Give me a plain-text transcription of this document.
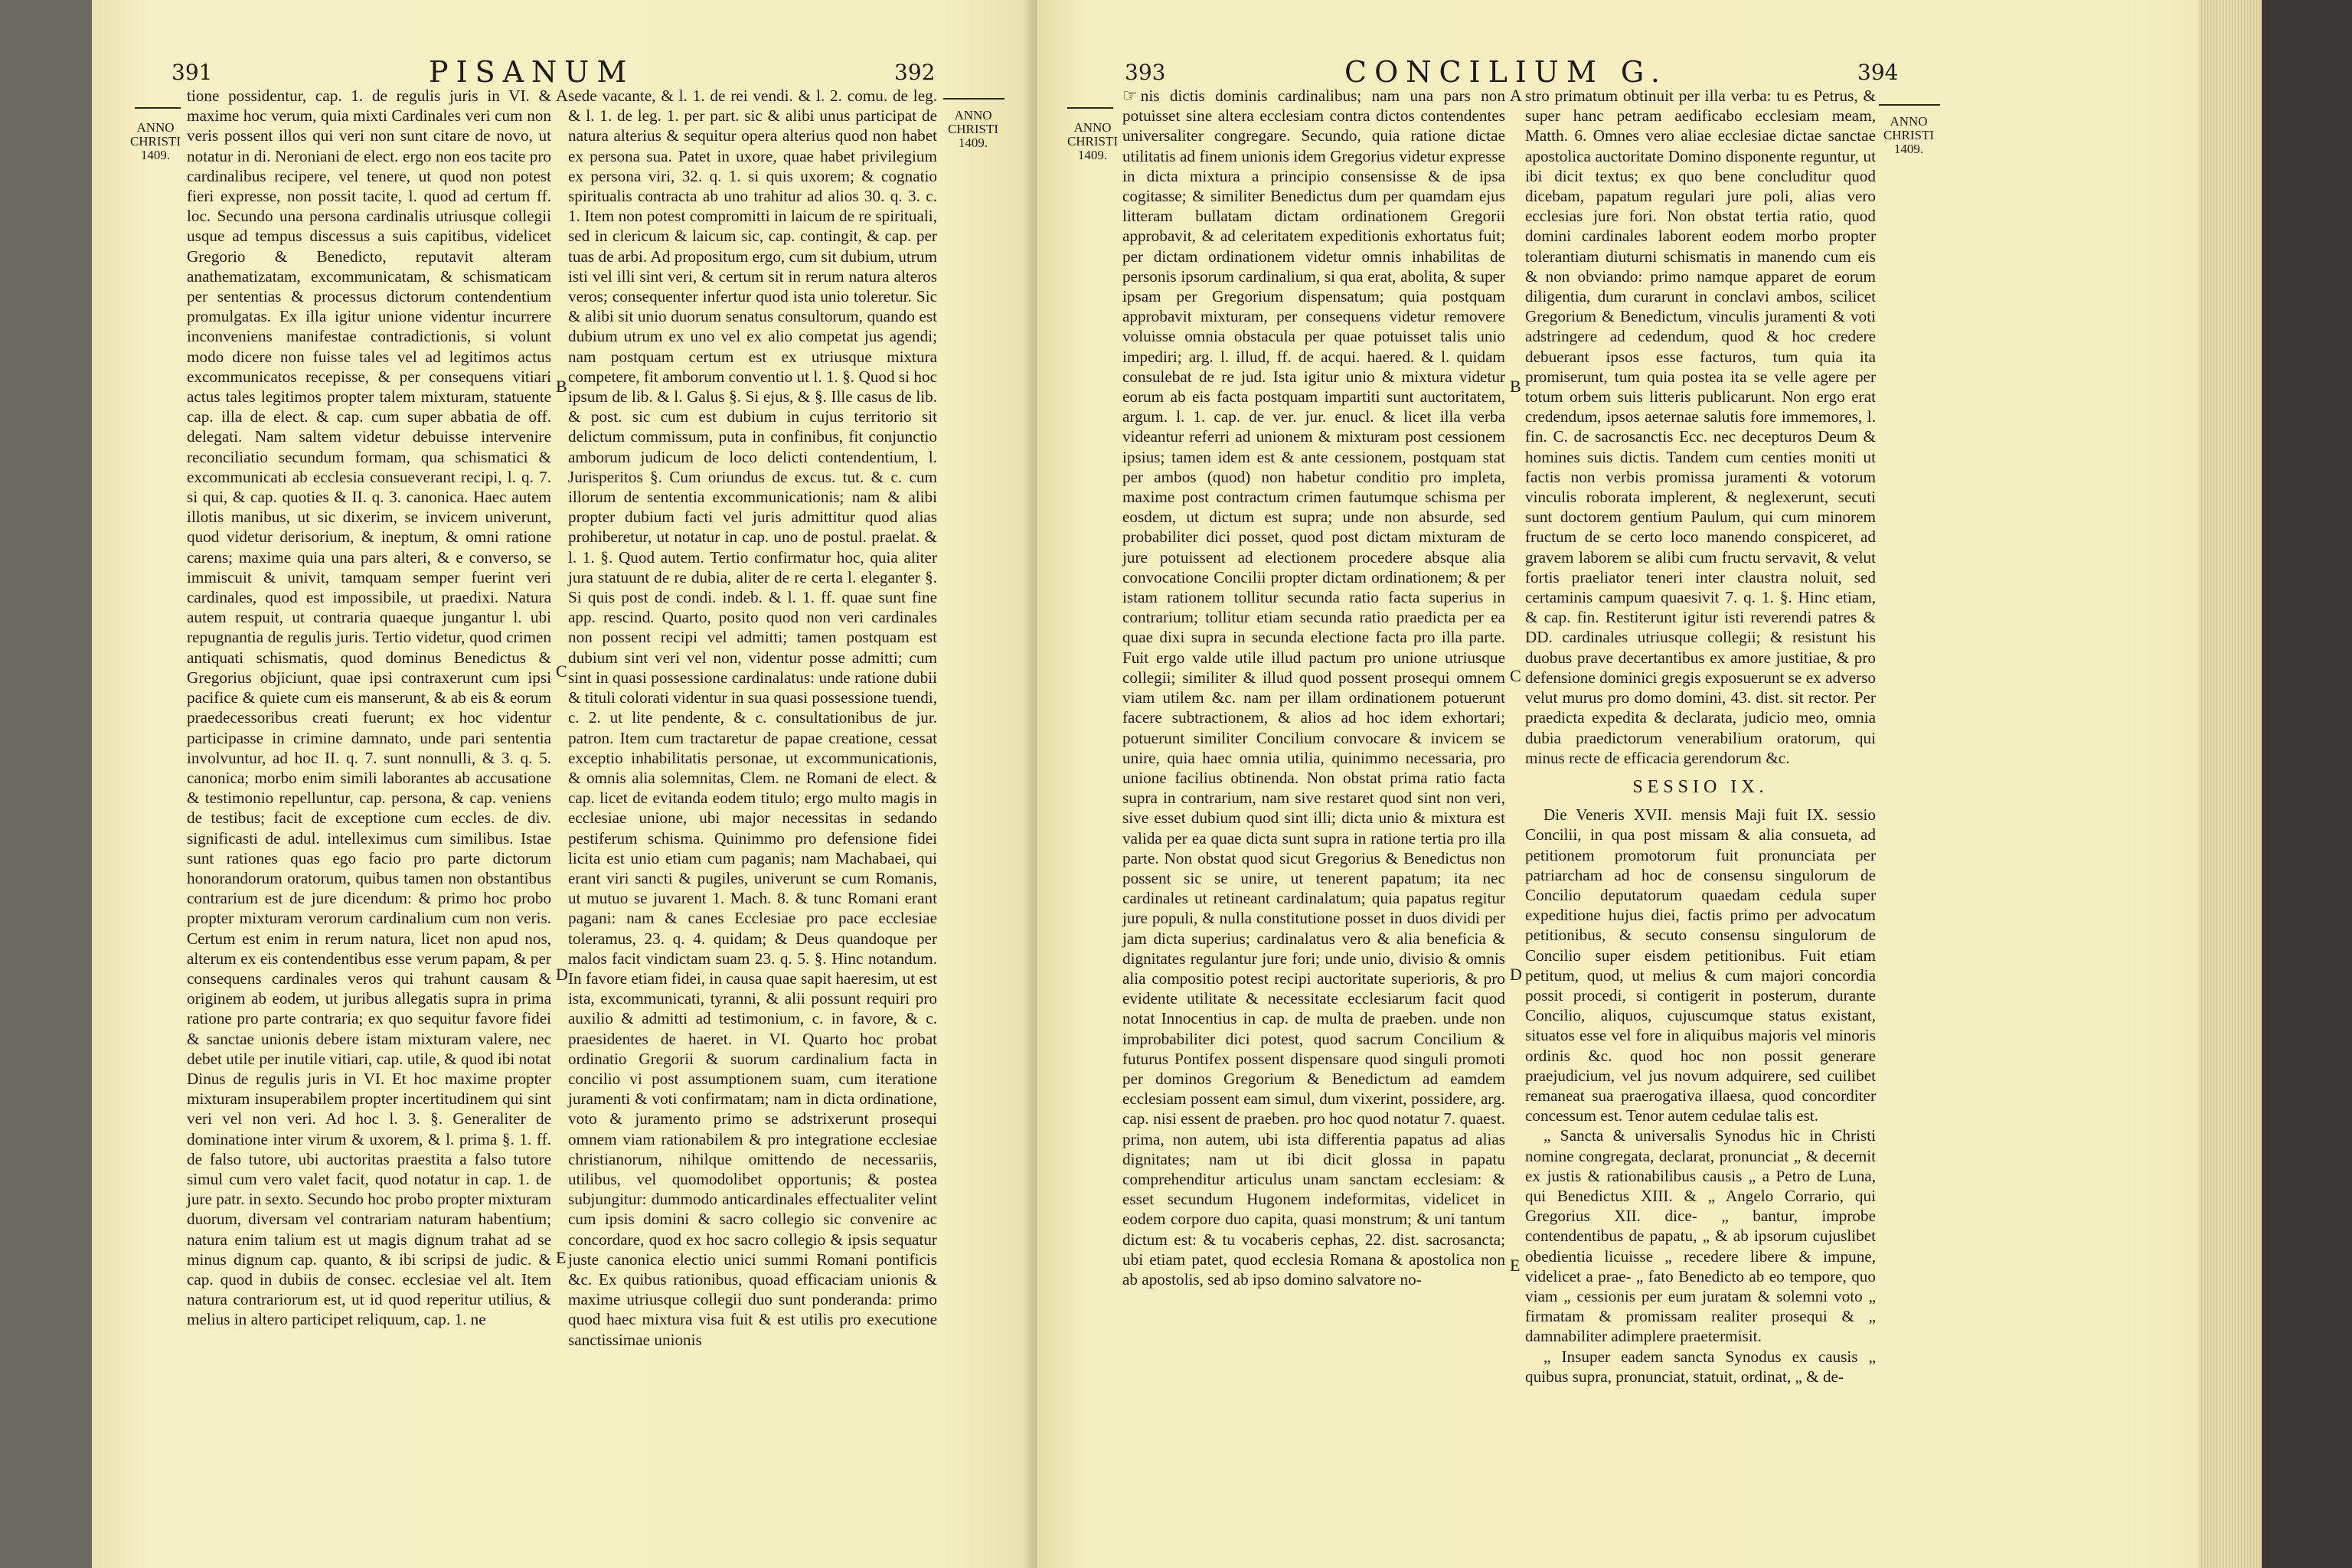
391	PISANUM	392
ANNO
CHRISTI
1409.
ANNO
CHRISTI
1409.

tione possidentur, cap. 1. de regulis juris in VI. & maxime hoc verum, quia mixti Cardinales veri cum non veris possent illos qui veri non sunt citare de novo, ut notatur in di. Neroniani de elect. ergo non eos tacite pro cardinalibus recipere, vel tenere, ut quod non potest fieri expresse, non possit tacite, l. quod ad certum ff. loc. Secundo una persona cardinalis utriusque collegii usque ad tempus discessus a suis capitibus, videlicet Gregorio & Benedicto, reputavit alteram anathematizatam, excommunicatam, & schismaticam per sententias & processus dictorum contendentium promulgatas. Ex illa igitur unione videntur incurrere inconveniens manifestae contradictionis, si volunt modo dicere non fuisse tales vel ad legitimos actus excommunicatos recepisse, & per consequens vitiari actus tales legitimos propter talem mixturam, statuente cap. illa de elect. & cap. cum super abbatia de off. delegati. Nam saltem videtur debuisse intervenire reconciliatio secundum formam, qua schismatici & excommunicati ab ecclesia consueverant recipi, l. q. 7. si qui, & cap. quoties & II. q. 3. canonica. Haec autem illotis manibus, ut sic dixerim, se invicem univerunt, quod videtur derisorium, & ineptum, & omni ratione carens; maxime quia una pars alteri, & e converso, se immiscuit & univit, tamquam semper fuerint veri cardinales, quod est impossibile, ut praedixi. Natura autem respuit, ut contraria quaeque jungantur l. ubi repugnantia de regulis juris. Tertio videtur, quod crimen antiquati schismatis, quod dominus Benedictus & Gregorius objiciunt, quae ipsi contraxerunt cum ipsi pacifice & quiete cum eis manserunt, & ab eis & eorum praedecessoribus creati fuerunt; ex hoc videntur participasse in crimine damnato, unde pari sententia involvuntur, ad hoc II. q. 7. sunt nonnulli, & 3. q. 5. canonica; morbo enim simili laborantes ab accusatione & testimonio repelluntur, cap. persona, & cap. veniens de testibus; facit de exceptione cum eccles. de div. significasti de adul. intelleximus cum similibus. Istae sunt rationes quas ego facio pro parte dictorum honorandorum oratorum, quibus tamen non obstantibus contrarium est de jure dicendum: & primo hoc probo propter mixturam verorum cardinalium cum non veris. Certum est enim in rerum natura, licet non apud nos, alterum ex eis contendentibus esse verum papam, & per consequens cardinales veros qui trahunt causam & originem ab eodem, ut juribus allegatis supra in prima ratione pro parte contraria; ex quo sequitur favore fidei & sanctae unionis debere istam mixturam valere, nec debet utile per inutile vitiari, cap. utile, & quod ibi notat Dinus de regulis juris in VI. Et hoc maxime propter mixturam insuperabilem propter incertitudinem qui sint veri vel non veri. Ad hoc l. 3. §. Generaliter de dominatione inter virum & uxorem, & l. prima §. 1. ff. de falso tutore, ubi auctoritas praestita a falso tutore simul cum vero valet facit, quod notatur in cap. 1. de jure patr. in sexto. Secundo hoc probo propter mixturam duorum, diversam vel contrariam naturam habentium; natura enim talium est ut magis dignum trahat ad se minus dignum cap. quanto, & ibi scripsi de judic. & cap. quod in dubiis de consec. ecclesiae vel alt. Item natura contrariorum est, ut id quod reperitur utilius, & melius in altero participet reliquum, cap. 1. ne

A
B
C
D
E

sede vacante, & l. 1. de rei vendi. & l. 2. comu. de leg. & l. 1. de leg. 1. per part. sic & alibi unus participat de natura alterius & sequitur opera alterius quod non habet ex persona sua. Patet in uxore, quae habet privilegium ex persona viri, 32. q. 1. si quis uxorem; & cognatio spiritualis contracta ab uno trahitur ad alios 30. q. 3. c. 1. Item non potest compromitti in laicum de re spirituali, sed in clericum & laicum sic, cap. contingit, & cap. per tuas de arbi. Ad propositum ergo, cum sit dubium, utrum isti vel illi sint veri, & certum sit in rerum natura alteros veros; consequenter infertur quod ista unio toleretur. Sic & alibi sit unio duorum senatus consultorum, quando est dubium utrum ex uno vel ex alio competat jus agendi; nam postquam certum est ex utriusque mixtura competere, fit amborum conventio ut l. 1. §. Quod si hoc ipsum de lib. & l. Galus §. Si ejus, & §. Ille casus de lib. & post. sic cum est dubium in cujus territorio sit delictum commissum, puta in confinibus, fit conjunctio amborum judicum de loco delicti contendentium, l. Jurisperitos §. Cum oriundus de excus. tut. & c. cum illorum de sententia excommunicationis; nam & alibi propter dubium facti vel juris admittitur quod alias prohiberetur, ut notatur in cap. uno de postul. praelat. & l. 1. §. Quod autem. Tertio confirmatur hoc, quia aliter jura statuunt de re dubia, aliter de re certa l. eleganter §. Si quis post de condi. indeb. & l. 1. ff. quae sunt fine app. rescind. Quarto, posito quod non veri cardinales non possent recipi vel admitti; tamen postquam est dubium sint veri vel non, videntur posse admitti; cum sint in quasi possessione cardinalatus: unde ratione dubii & tituli colorati videntur in sua quasi possessione tuendi, c. 2. ut lite pendente, & c. consultationibus de jur. patron. Item cum tractaretur de papae creatione, cessat exceptio inhabilitatis personae, ut excommunicationis, & omnis alia solemnitas, Clem. ne Romani de elect. & cap. licet de evitanda eodem titulo; ergo multo magis in ecclesiae unione, ubi major necessitas in sedando pestiferum schisma. Quinimmo pro defensione fidei licita est unio etiam cum paganis; nam Machabaei, qui erant viri sancti & pugiles, univerunt se cum Romanis, ut mutuo se juvarent 1. Mach. 8. & tunc Romani erant pagani: nam & canes Ecclesiae pro pace ecclesiae toleramus, 23. q. 4. quidam; & Deus quandoque per malos facit vindictam suam 23. q. 5. §. Hinc notandum. In favore etiam fidei, in causa quae sapit haeresim, ut est ista, excommunicati, tyranni, & alii possunt requiri pro auxilio & admitti ad testimonium, c. in favore, & c. praesidentes de haeret. in VI. Quarto hoc probat ordinatio Gregorii & suorum cardinalium facta in concilio vi post assumptionem suam, cum iteratione juramenti & voti confirmatam; nam in dicta ordinatione, voto & juramento primo se adstrixerunt prosequi omnem viam rationabilem & pro integratione ecclesiae christianorum, nihilque omittendo de necessariis, utilibus, vel quomodolibet opportunis; & postea subjungitur: dummodo anticardinales effectualiter velint cum ipsis domini & sacro collegio sic convenire ac concordare, quod ex hoc sacro collegio & ipsis sequatur juste canonica electio unici summi Romani pontificis &c. Ex quibus rationibus, quoad efficaciam unionis & maxime utriusque collegii duo sunt ponderanda: primo quod haec mixtura visa fuit & est utilis pro executione sanctissimae unionis

393	CONCILIUM G.	394
ANNO
CHRISTI
1409.
ANNO
CHRISTI
1409.

☞ nis dictis dominis cardinalibus; nam una pars non potuisset sine altera ecclesiam contra dictos contendentes universaliter congregare. Secundo, quia ratione dictae utilitatis ad finem unionis idem Gregorius videtur expresse in dicta mixtura a principio consensisse & de ipsa cogitasse; & similiter Benedictus dum per quamdam ejus litteram bullatam dictam ordinationem Gregorii approbavit, & ad celeritatem expeditionis exhortatus fuit; per dictam ordinationem videtur omnis inhabilitas de personis ipsorum cardinalium, si qua erat, abolita, & super ipsam per Gregorium dispensatum; quia postquam approbavit mixturam, per consequens videtur removere voluisse omnia obstacula per quae potuisset talis unio impediri; arg. l. illud, ff. de acqui. haered. & l. quidam consulebat de re jud. Ista igitur unio & mixtura videtur eorum ab eis facta postquam impartiti sunt auctoritatem, argum. l. 1. cap. de ver. jur. enucl. & licet illa verba videantur referri ad unionem & mixturam post cessionem ipsius; tamen idem est & ante cessionem, postquam stat per ambos (quod) non habetur conditio pro impleta, maxime post contractum crimen fautumque schisma per eosdem, ut dictum est supra; unde non absurde, sed probabiliter dici posset, quod post dictam mixturam de jure potuissent ad electionem procedere absque alia convocatione Concilii propter dictam ordinationem; & per istam rationem tollitur secunda ratio facta superius in contrarium; tollitur etiam secunda ratio praedicta per ea quae dixi supra in secunda electione facta pro illa parte. Fuit ergo valde utile illud pactum pro unione utriusque collegii; similiter & illud quod possent prosequi omnem viam utilem &c. nam per illam ordinationem potuerunt facere subtractionem, & alios ad hoc idem exhortari; potuerunt similiter Concilium convocare & invicem se unire, quia haec omnia utilia, quinimmo necessaria, pro unione facilius obtinenda. Non obstat prima ratio facta supra in contrarium, nam sive restaret quod sint non veri, sive esset dubium quod sint illi; dicta unio & mixtura est valida per ea quae dicta sunt supra in ratione tertia pro illa parte. Non obstat quod sicut Gregorius & Benedictus non possent sic se unire, ut tenerent papatum; ita nec cardinales ut retineant cardinalatum; quia papatus regitur jure populi, & nulla constitutione posset in duos dividi per jam dicta superius; cardinalatus vero & alia beneficia & dignitates regulantur jure fori; unde unio, divisio & omnis alia compositio potest recipi auctoritate superioris, & pro evidente utilitate & necessitate ecclesiarum facit quod notat Innocentius in cap. de multa de praeben. unde non improbabiliter dici potest, quod sacrum Concilium & futurus Pontifex possent dispensare quod singuli promoti per dominos Gregorium & Benedictum ad eamdem ecclesiam possent eam simul, dum vixerint, possidere, arg. cap. nisi essent de praeben. pro hoc quod notatur 7. quaest. prima, non autem, ubi ista differentia papatus ad alias dignitates; nam ut ibi dicit glossa in papatu comprehenditur articulus unam sanctam ecclesiam: & esset secundum Hugonem indeformitas, videlicet in eodem corpore duo capita, quasi monstrum; & uni tantum dictum est: & tu vocaberis cephas, 22. dist. sacrosancta; ubi etiam patet, quod ecclesia Romana & apostolica non ab apostolis, sed ab ipso domino salvatore no-

A
B
C
D
E

stro primatum obtinuit per illa verba: tu es Petrus, & super hanc petram aedificabo ecclesiam meam, Matth. 6. Omnes vero aliae ecclesiae dictae sanctae apostolica auctoritate Domino disponente reguntur, ut ibi dicit textus; ex quo bene concluditur quod dicebam, papatum regulari jure poli, alias vero ecclesias jure fori. Non obstat tertia ratio, quod domini cardinales laborent eodem morbo propter tolerantiam diuturni schismatis in manendo cum eis & non obviando: primo namque apparet de eorum diligentia, dum curarunt in conclavi ambos, scilicet Gregorium & Benedictum, vinculis juramenti & voti adstringere ad cedendum, quod & hoc credere debuerant ipsos esse facturos, tum quia ita promiserunt, tum quia postea ita se velle agere per totum orbem suis litteris publicarunt. Non ergo erat credendum, ipsos aeternae salutis fore immemores, l. fin. C. de sacrosanctis Ecc. nec decepturos Deum & homines suis dictis. Tandem cum centies moniti ut factis non verbis promissa juramenti & votorum vinculis roborata implerent, & neglexerunt, secuti sunt doctorem gentium Paulum, qui cum minorem fructum de se certo loco manendo conspiceret, ad gravem laborem se alibi cum fructu servavit, & velut fortis praeliator teneri inter claustra noluit, sed certaminis campum quaesivit 7. q. 1. §. Hinc etiam, & cap. fin. Restiterunt igitur isti reverendi patres & DD. cardinales utriusque collegii; & resistunt his duobus prave decertantibus ex amore justitiae, & pro defensione dominici gregis exposuerunt se ex adverso velut murus pro domo domini, 43. dist. sit rector. Per praedicta expedita & declarata, judicio meo, omnia dubia praedictorum venerabilium oratorum, qui minus recte de efficacia gerendorum &c.

SESSIO IX.

Die Veneris XVII. mensis Maji fuit IX. sessio Concilii, in qua post missam & alia consueta, ad petitionem promotorum fuit pronunciata per patriarcham ad hoc de consensu singulorum de Concilio deputatorum quaedam cedula super expeditione hujus diei, factis primo per advocatum petitionibus, & secuto consensu singulorum de Concilio super eisdem petitionibus. Fuit etiam petitum, quod, ut melius & cum majori concordia possit procedi, si contigerit in posterum, durante Concilio, aliquos, cujuscumque status existant, situatos esse vel fore in aliquibus majoris vel minoris ordinis &c. quod hoc non possit generare praejudicium, vel jus novum adquirere, sed cuilibet remaneat sua praerogativa illaesa, quod concorditer concessum est. Tenor autem cedulae talis est.

„ Sancta & universalis Synodus hic in Christi nomine congregata, declarat, pronunciat „ & decernit ex justis & rationabilibus causis „ a Petro de Luna, qui Benedictus XIII. & „ Angelo Corrario, qui Gregorius XII. dice- „ bantur, improbe contendentibus de papatu, „ & ab ipsorum cujuslibet obedientia licuisse „ recedere libere & impune, videlicet a prae- „ fato Benedicto ab eo tempore, quo viam „ cessionis per eum juratam & solemni voto „ firmatam & promissam realiter prosequi & „ damnabiliter adimplere praetermisit.

„ Insuper eadem sancta Synodus ex causis „ quibus supra, pronunciat, statuit, ordinat, „ & de-
